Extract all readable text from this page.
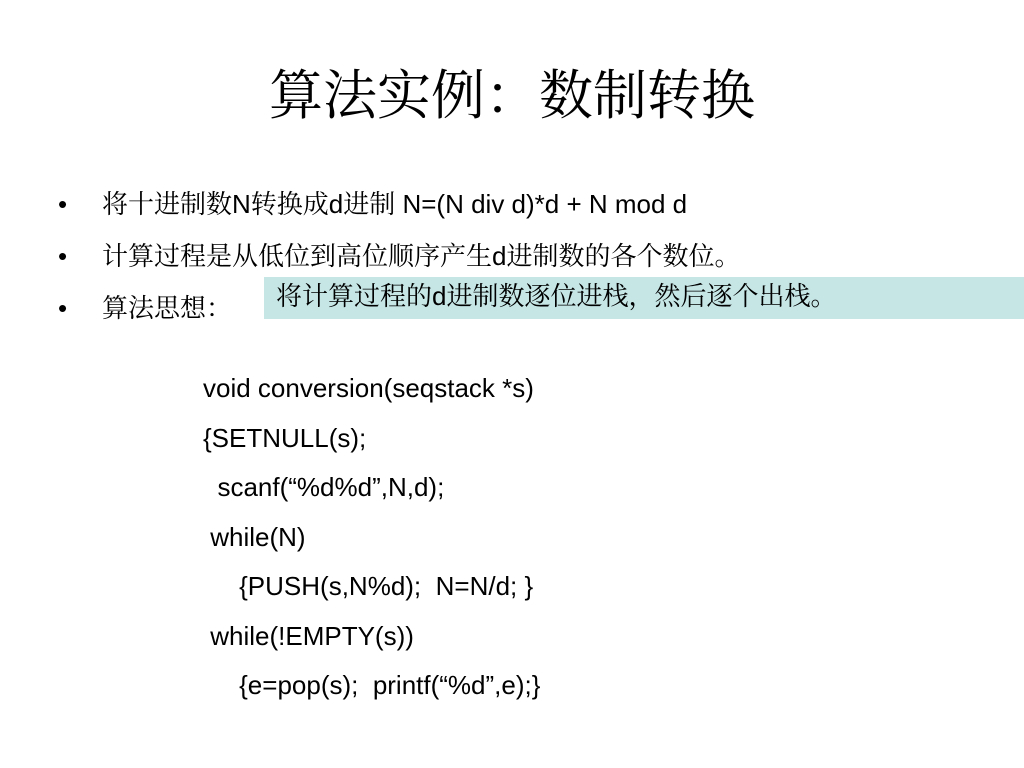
算法实例：数制转换
•	将十进制数N转换成d进制 N=(N div d)*d + N mod d
•	计算过程是从低位到高位顺序产生d进制数的各个数位。
•	算法思想： 将计算过程的d进制数逐位进栈，然后逐个出栈。
void conversion(seqstack *s)
{SETNULL(s);
scanf(“%d%d”,N,d);
while(N)
{PUSH(s,N%d);  N=N/d; }
while(!EMPTY(s))
{e=pop(s);  printf(“%d”,e);}
